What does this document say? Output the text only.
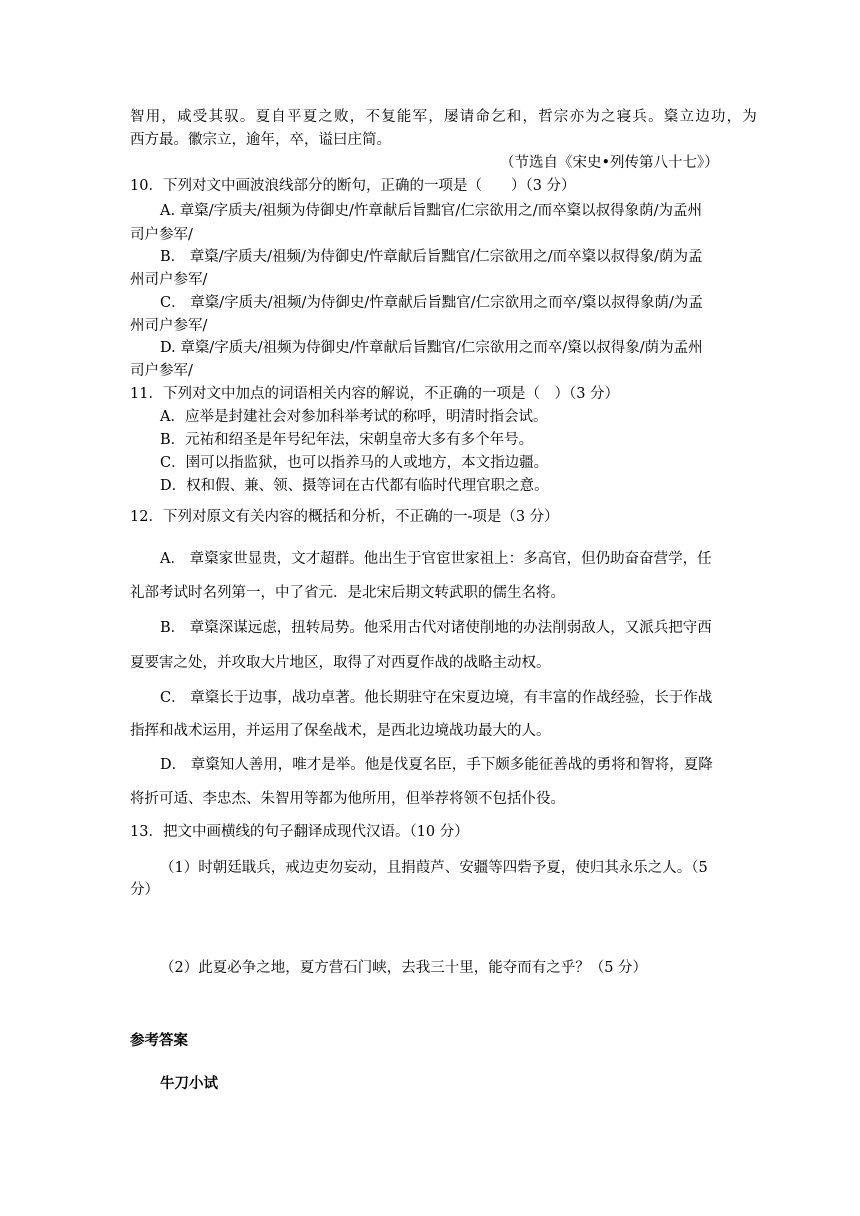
智用，咸受其驭。夏自平夏之败，不复能军，屡请命乞和，哲宗亦为之寝兵。楶立边功，为
西方最。徽宗立，逾年，卒，谥曰庄简。
（节选自《宋史•列传第八十七》）
10．下列对文中画波浪线部分的断句，正确的一项是（　　）（3 分）
A. 章楶/字质夫/祖频为侍御史/忤章献后旨黜官/仁宗欲用之/而卒楶以叔得象荫/为孟州
司户参军/
B． 章楶/字质夫/祖频/为侍御史/忤章献后旨黜官/仁宗欲用之/而卒楶以叔得象/荫为孟
州司户参军/
C． 章楶/字质夫/祖频/为侍御史/忤章献后旨黜官/仁宗欲用之而卒/楶以叔得象荫/为孟
州司户参军/
D. 章楶/字质夫/祖频为侍御史/忤章献后旨黜官/仁宗欲用之而卒/楶以叔得象/荫为孟州
司户参军/
11．下列对文中加点的词语相关内容的解说，不正确的一项是（　）（3 分）
A．应举是封建社会对参加科举考试的称呼，明清时指会试。
B．元祐和绍圣是年号纪年法，宋朝皇帝大多有多个年号。
C．圉可以指监狱，也可以指养马的人或地方，本文指边疆。
D．权和假、兼、领、摄等词在古代都有临时代理官职之意。
12．下列对原文有关内容的概括和分析，不正确的一-项是（3 分）
A． 章楶家世显贵，文才超群。他出生于官宦世家祖上：多高官，但仍助奋奋营学，任
礼部考试时名列第一，中了省元．是北宋后期文转武职的儒生名将。
B． 章楶深谋远虑，扭转局势。他采用古代对诸使削地的办法削弱敌人，又派兵把守西
夏要害之处，并攻取大片地区，取得了对西夏作战的战略主动权。
C． 章楶长于边事，战功卓著。他长期驻守在宋夏边境，有丰富的作战经验，长于作战
指挥和战术运用，并运用了保垒战术，是西北边境战功最大的人。
D． 章楶知人善用，唯才是举。他是伐夏名臣，手下颇多能征善战的勇将和智将，夏降
将折可适、李忠杰、朱智用等都为他所用，但举荐将领不包括仆役。
13．把文中画横线的句子翻译成现代汉语。（10 分）
（1）时朝廷戢兵，戒边吏勿妄动，且捐葭芦、安疆等四砦予夏，使归其永乐之人。（5
分）
（2）此夏必争之地，夏方营石门峡，去我三十里，能夺而有之乎？（5 分）
参考答案
牛刀小试
